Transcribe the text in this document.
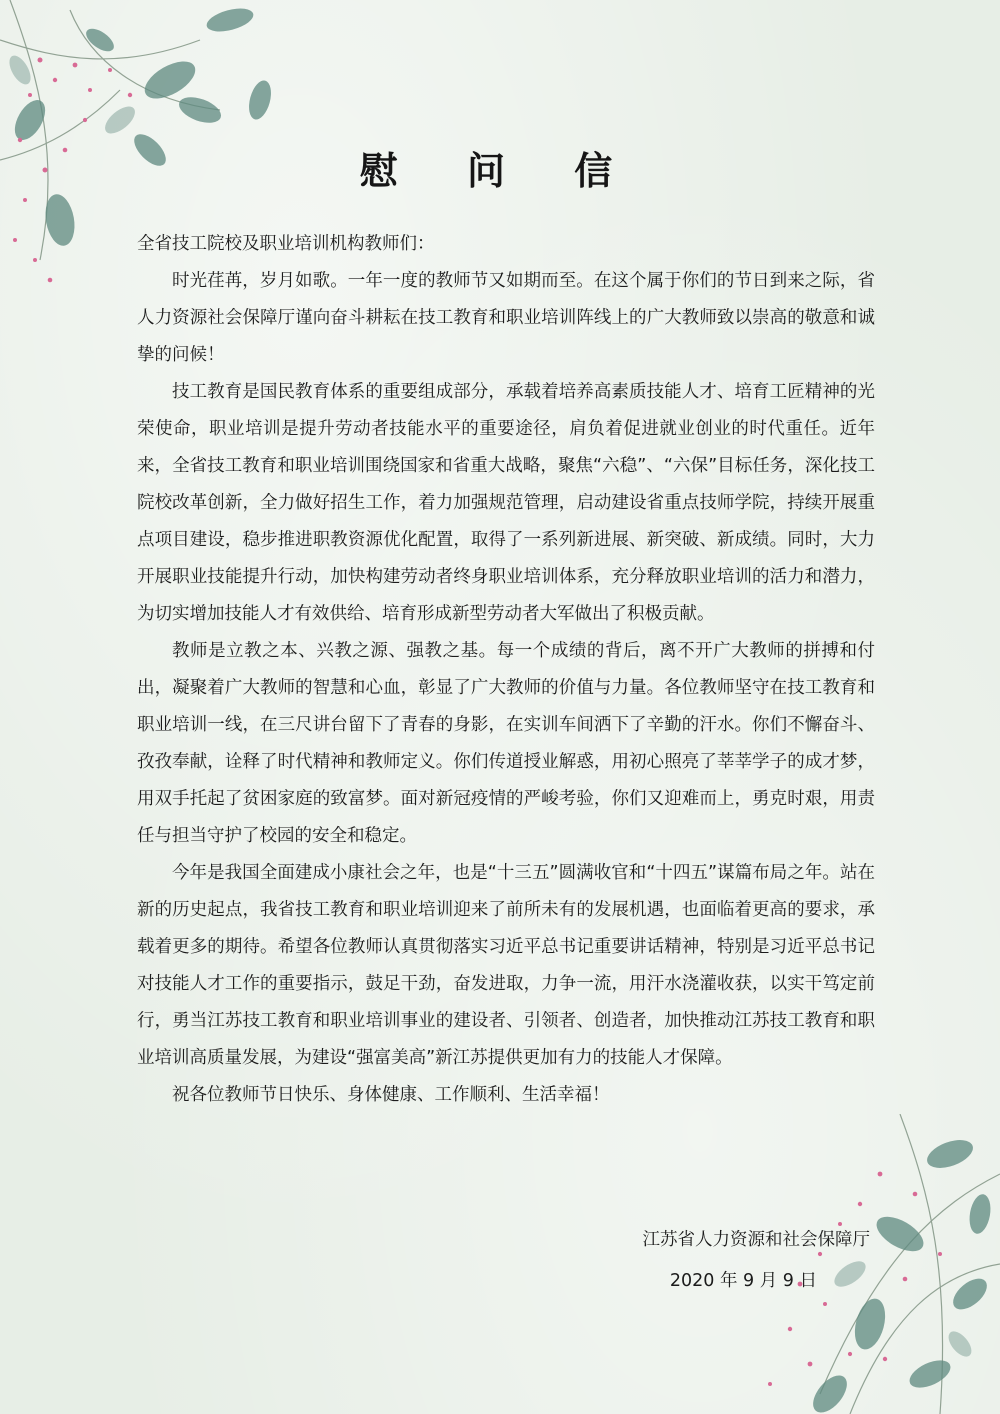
慰 问 信

全省技工院校及职业培训机构教师们：

时光荏苒，岁月如歌。一年一度的教师节又如期而至。在这个属于你们的节日到来之际，省人力资源社会保障厅谨向奋斗耕耘在技工教育和职业培训阵线上的广大教师致以崇高的敬意和诚挚的问候！

技工教育是国民教育体系的重要组成部分，承载着培养高素质技能人才、培育工匠精神的光荣使命，职业培训是提升劳动者技能水平的重要途径，肩负着促进就业创业的时代重任。近年来，全省技工教育和职业培训围绕国家和省重大战略，聚焦“六稳”、“六保”目标任务，深化技工院校改革创新，全力做好招生工作，着力加强规范管理，启动建设省重点技师学院，持续开展重点项目建设，稳步推进职教资源优化配置，取得了一系列新进展、新突破、新成绩。同时，大力开展职业技能提升行动，加快构建劳动者终身职业培训体系，充分释放职业培训的活力和潜力，为切实增加技能人才有效供给、培育形成新型劳动者大军做出了积极贡献。

教师是立教之本、兴教之源、强教之基。每一个成绩的背后，离不开广大教师的拼搏和付出，凝聚着广大教师的智慧和心血，彰显了广大教师的价值与力量。各位教师坚守在技工教育和职业培训一线，在三尺讲台留下了青春的身影，在实训车间洒下了辛勤的汗水。你们不懈奋斗、孜孜奉献，诠释了时代精神和教师定义。你们传道授业解惑，用初心照亮了莘莘学子的成才梦，用双手托起了贫困家庭的致富梦。面对新冠疫情的严峻考验，你们又迎难而上，勇克时艰，用责任与担当守护了校园的安全和稳定。

今年是我国全面建成小康社会之年，也是“十三五”圆满收官和“十四五”谋篇布局之年。站在新的历史起点，我省技工教育和职业培训迎来了前所未有的发展机遇，也面临着更高的要求，承载着更多的期待。希望各位教师认真贯彻落实习近平总书记重要讲话精神，特别是习近平总书记对技能人才工作的重要指示，鼓足干劲，奋发进取，力争一流，用汗水浇灌收获，以实干笃定前行，勇当江苏技工教育和职业培训事业的建设者、引领者、创造者，加快推动江苏技工教育和职业培训高质量发展，为建设“强富美高”新江苏提供更加有力的技能人才保障。

祝各位教师节日快乐、身体健康、工作顺利、生活幸福！

江苏省人力资源和社会保障厅
2020 年 9 月 9 日
